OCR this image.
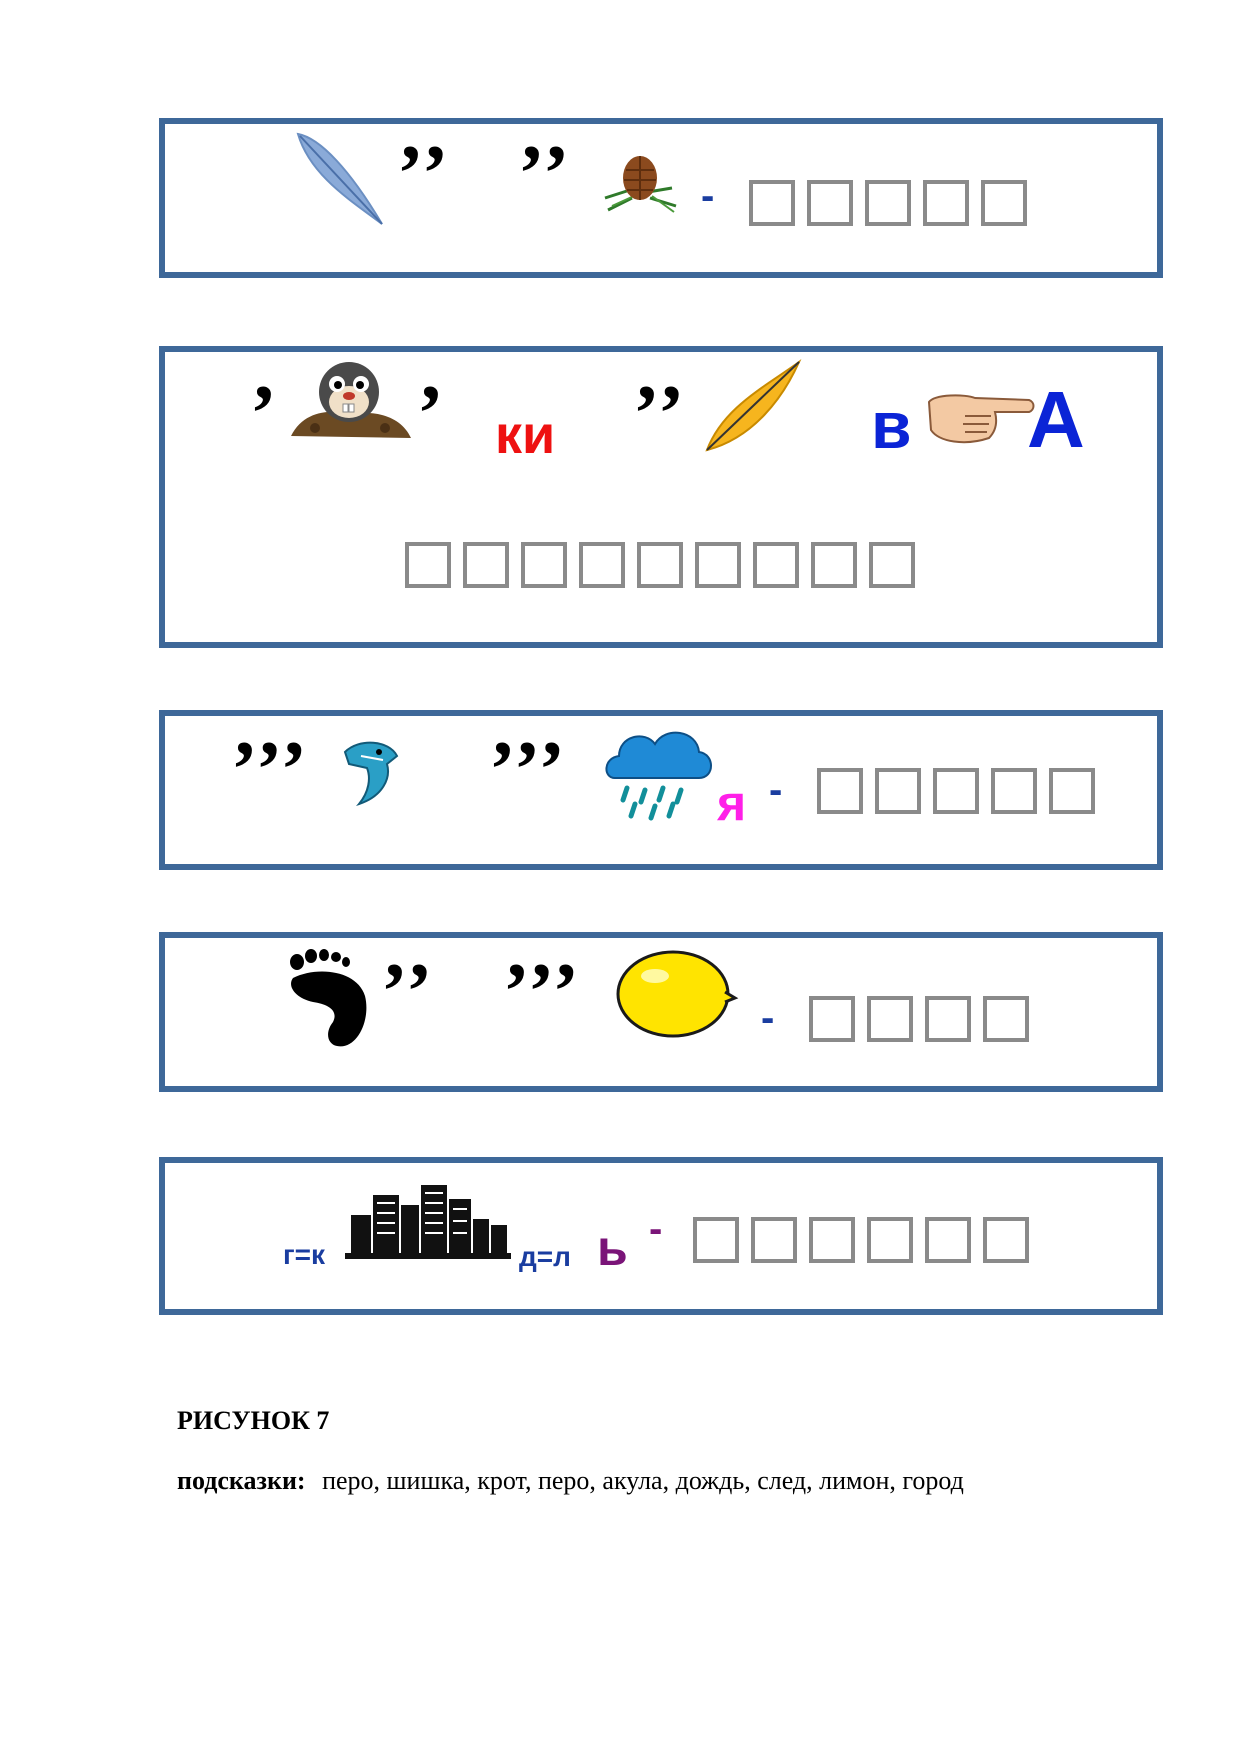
’’ ’’	-
’ ’ ки ’’	в А
’’’ ’’’	я -
’’ ’’’	-
г=к	д=л ь -
РИСУНОК 7
подсказки: перо, шишка, крот, перо, акула, дождь, след, лимон, город
